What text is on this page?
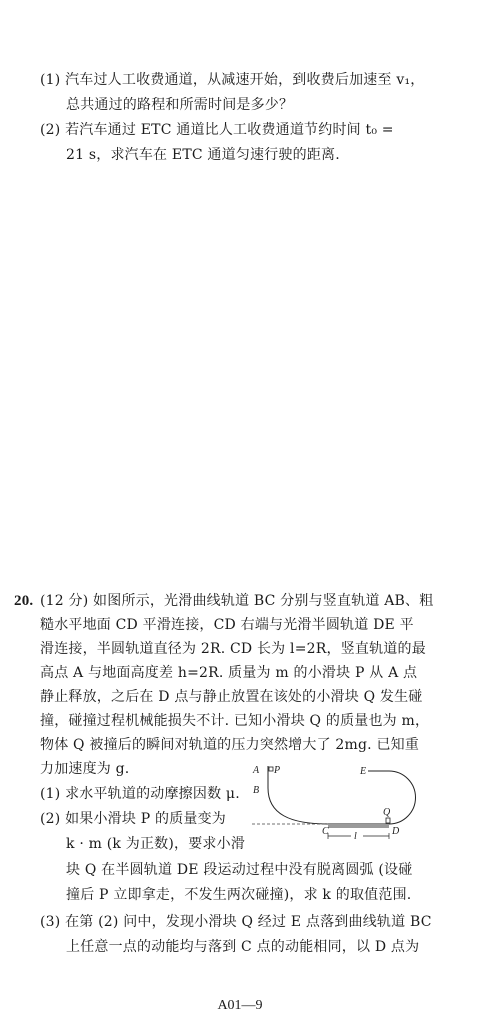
(1) 汽车过人工收费通道，从减速开始，到收费后加速至 v₁，
总共通过的路程和所需时间是多少？
(2) 若汽车通过 ETC 通道比人工收费通道节约时间 t₀ =
21 s，求汽车在 ETC 通道匀速行驶的距离.
20. (12 分) 如图所示，光滑曲线轨道 BC 分别与竖直轨道 AB、粗
糙水平地面 CD 平滑连接，CD 右端与光滑半圆轨道 DE 平
滑连接，半圆轨道直径为 2R. CD 长为 l=2R，竖直轨道的最
高点 A 与地面高度差 h=2R. 质量为 m 的小滑块 P 从 A 点
静止释放，之后在 D 点与静止放置在该处的小滑块 Q 发生碰
撞，碰撞过程机械能损失不计. 已知小滑块 Q 的质量也为 m，
物体 Q 被撞后的瞬间对轨道的压力突然增大了 2mg. 已知重
力加速度为 g.
(1) 求水平轨道的动摩擦因数 μ.
(2) 如果小滑块 P 的质量变为
k · m (k 为正数)，要求小滑
块 Q 在半圆轨道 DE 段运动过程中没有脱离圆弧 (设碰
撞后 P 立即拿走，不发生两次碰撞)，求 k 的取值范围.
(3) 在第 (2) 问中，发现小滑块 Q 经过 E 点落到曲线轨道 BC
上任意一点的动能均与落到 C 点的动能相同，以 D 点为
A P
B
E
Q
C	D
l
A01—9
